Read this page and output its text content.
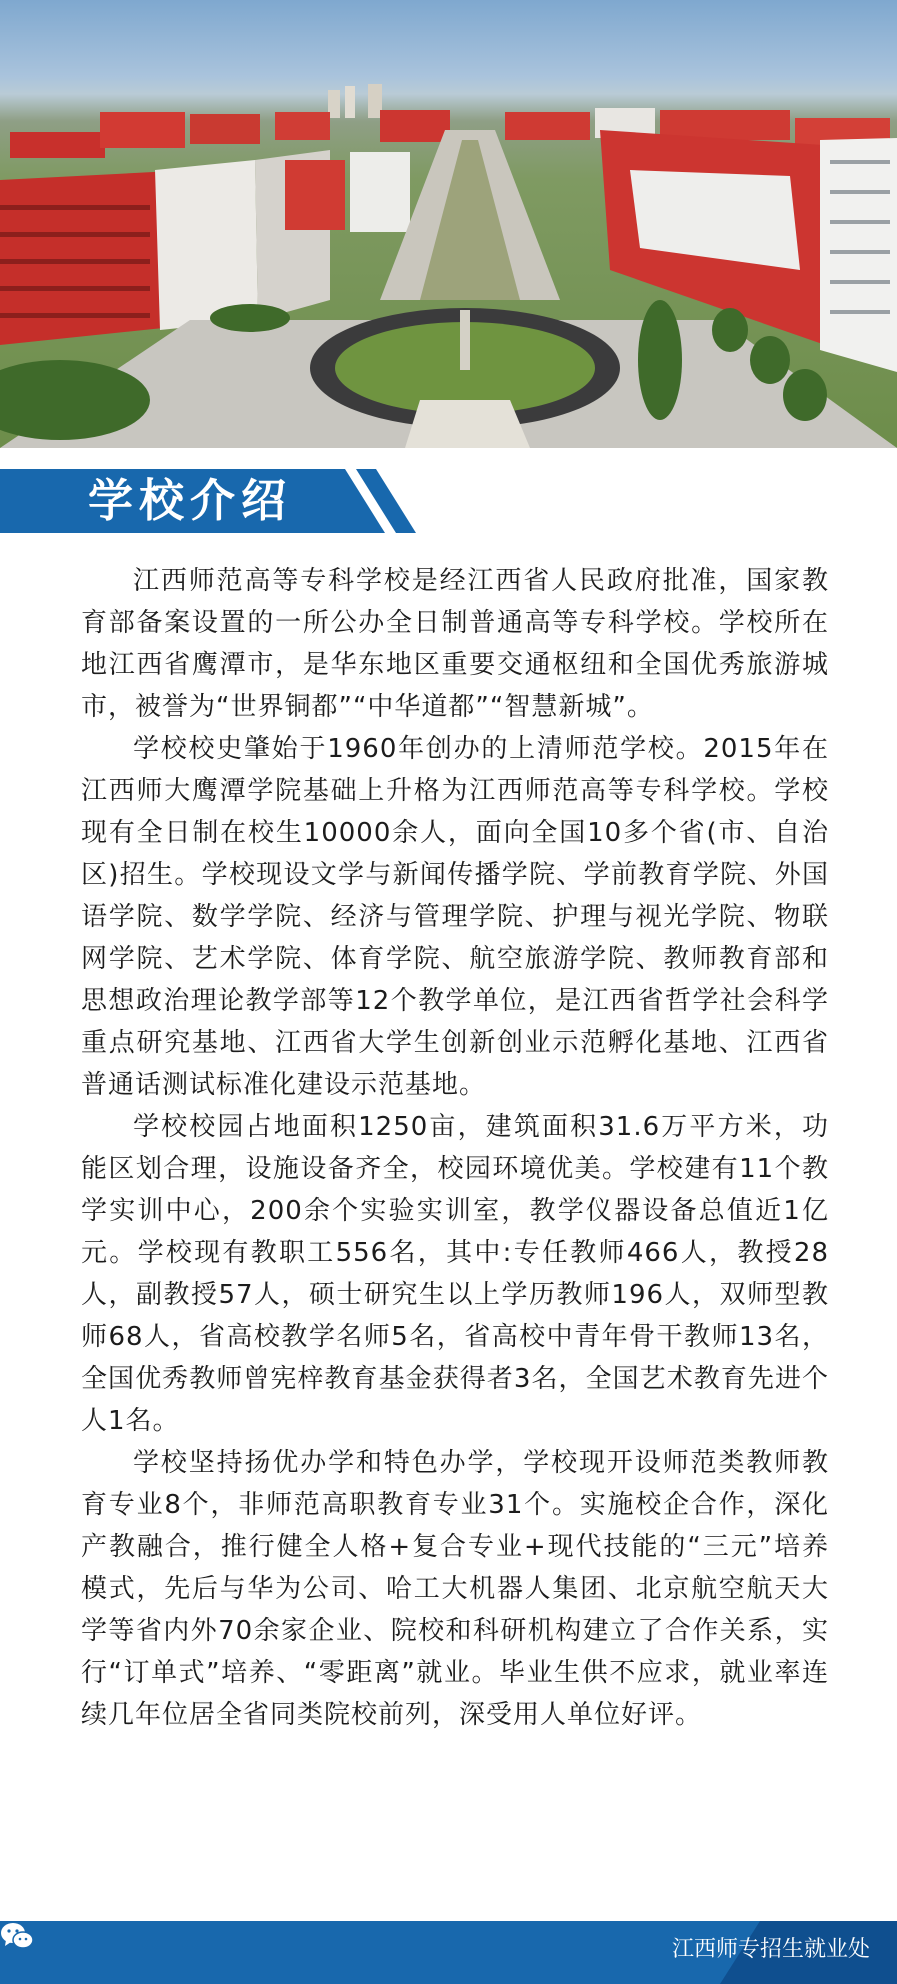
学校介绍

江西师范高等专科学校是经江西省人民政府批准，国家教育部备案设置的一所公办全日制普通高等专科学校。学校所在地江西省鹰潭市，是华东地区重要交通枢纽和全国优秀旅游城市，被誉为“世界铜都”“中华道都”“智慧新城”。

学校校史肇始于1960年创办的上清师范学校。2015年在江西师大鹰潭学院基础上升格为江西师范高等专科学校。学校现有全日制在校生10000余人，面向全国10多个省(市、自治区)招生。学校现设文学与新闻传播学院、学前教育学院、外国语学院、数学学院、经济与管理学院、护理与视光学院、物联网学院、艺术学院、体育学院、航空旅游学院、教师教育部和思想政治理论教学部等12个教学单位，是江西省哲学社会科学重点研究基地、江西省大学生创新创业示范孵化基地、江西省普通话测试标准化建设示范基地。

学校校园占地面积1250亩，建筑面积31.6万平方米，功能区划合理，设施设备齐全，校园环境优美。学校建有11个教学实训中心，200余个实验实训室，教学仪器设备总值近1亿元。学校现有教职工556名，其中:专任教师466人，教授28人，副教授57人，硕士研究生以上学历教师196人，双师型教师68人，省高校教学名师5名，省高校中青年骨干教师13名，全国优秀教师曾宪梓教育基金获得者3名，全国艺术教育先进个人1名。

学校坚持扬优办学和特色办学，学校现开设师范类教师教育专业8个，非师范高职教育专业31个。实施校企合作，深化产教融合，推行健全人格+复合专业+现代技能的“三元”培养模式，先后与华为公司、哈工大机器人集团、北京航空航天大学等省内外70余家企业、院校和科研机构建立了合作关系，实行“订单式”培养、“零距离”就业。毕业生供不应求，就业率连续几年位居全省同类院校前列，深受用人单位好评。

江西师专招生就业处
